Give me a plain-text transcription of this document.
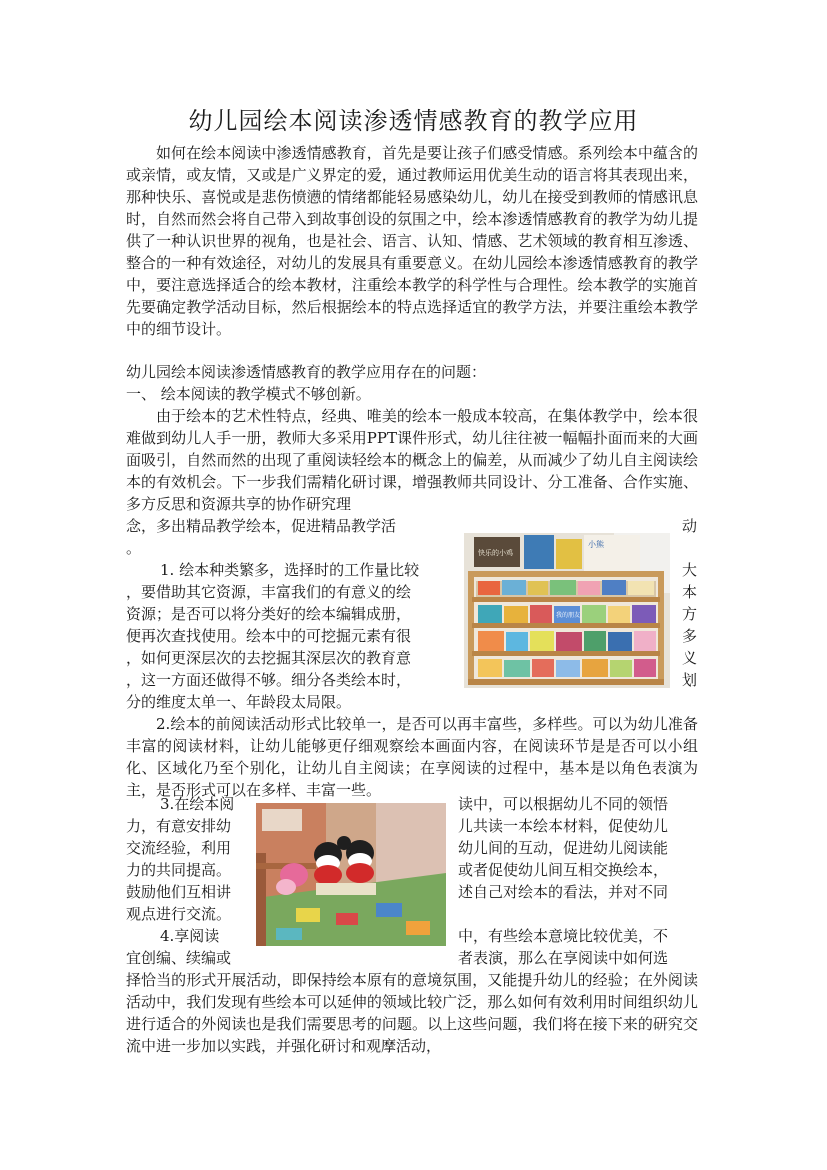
幼儿园绘本阅读渗透情感教育的教学应用
如何在绘本阅读中渗透情感教育，首先是要让孩子们感受情感。系列绘本中蕴含的或亲情，或友情，又或是广义界定的爱，通过教师运用优美生动的语言将其表现出来，那种快乐、喜悦或是悲伤愤懑的情绪都能轻易感染幼儿，幼儿在接受到教师的情感讯息时，自然而然会将自己带入到故事创设的氛围之中，绘本渗透情感教育的教学为幼儿提供了一种认识世界的视角，也是社会、语言、认知、情感、艺术领域的教育相互渗透、整合的一种有效途径，对幼儿的发展具有重要意义。在幼儿园绘本渗透情感教育的教学中，要注意选择适合的绘本教材，注重绘本教学的科学性与合理性。绘本教学的实施首先要确定教学活动目标，然后根据绘本的特点选择适宜的教学方法，并要注重绘本教学中的细节设计。
幼儿园绘本阅读渗透情感教育的教学应用存在的问题：
一、 绘本阅读的教学模式不够创新。
由于绘本的艺术性特点，经典、唯美的绘本一般成本较高，在集体教学中，绘本很难做到幼儿人手一册，教师大多采用PPT课件形式，幼儿往往被一幅幅扑面而来的大画面吸引，自然而然的出现了重阅读轻绘本的概念上的偏差，从而减少了幼儿自主阅读绘本的有效机会。下一步我们需精化研讨课，增强教师共同设计、分工准备、合作实施、多方反思和资源共享的协作研究理
念，多出精品教学绘本，促进精品教学活	动
。	快乐的小鸡
小熊
我的朋友
1. 绘本种类繁多，选择时的工作量比较
，要借助其它资源，丰富我们的有意义的绘
资源；是否可以将分类好的绘本编辑成册，
便再次查找使用。绘本中的可挖掘元素有很
，如何更深层次的去挖掘其深层次的教育意
，这一方面还做得不够。细分各类绘本时，
大
本
方
多
义
划
分的维度太单一、年龄段太局限。
2.绘本的前阅读活动形式比较单一，是否可以再丰富些，多样些。可以为幼儿准备丰富的阅读材料，让幼儿能够更仔细观察绘本画面内容，在阅读环节是是否可以小组化、区域化乃至个别化，让幼儿自主阅读；在享阅读的过程中，基本是以角色表演为主，是否形式可以在多样、丰富一些。
3.在绘本阅
力，有意安排幼
交流经验，利用
力的共同提高。
鼓励他们互相讲
观点进行交流。
读中，可以根据幼儿不同的领悟
儿共读一本绘本材料，促使幼儿
幼儿间的互动，促进幼儿阅读能
或者促使幼儿间互相交换绘本，
述自己对绘本的看法，并对不同
4.享阅读
宜创编、续编或
中，有些绘本意境比较优美，不
者表演，那么在享阅读中如何选
择恰当的形式开展活动，即保持绘本原有的意境氛围，又能提升幼儿的经验；在外阅读活动中，我们发现有些绘本可以延伸的领域比较广泛，那么如何有效利用时间组织幼儿进行适合的外阅读也是我们需要思考的问题。以上这些问题，我们将在接下来的研究交流中进一步加以实践，并强化研讨和观摩活动，
